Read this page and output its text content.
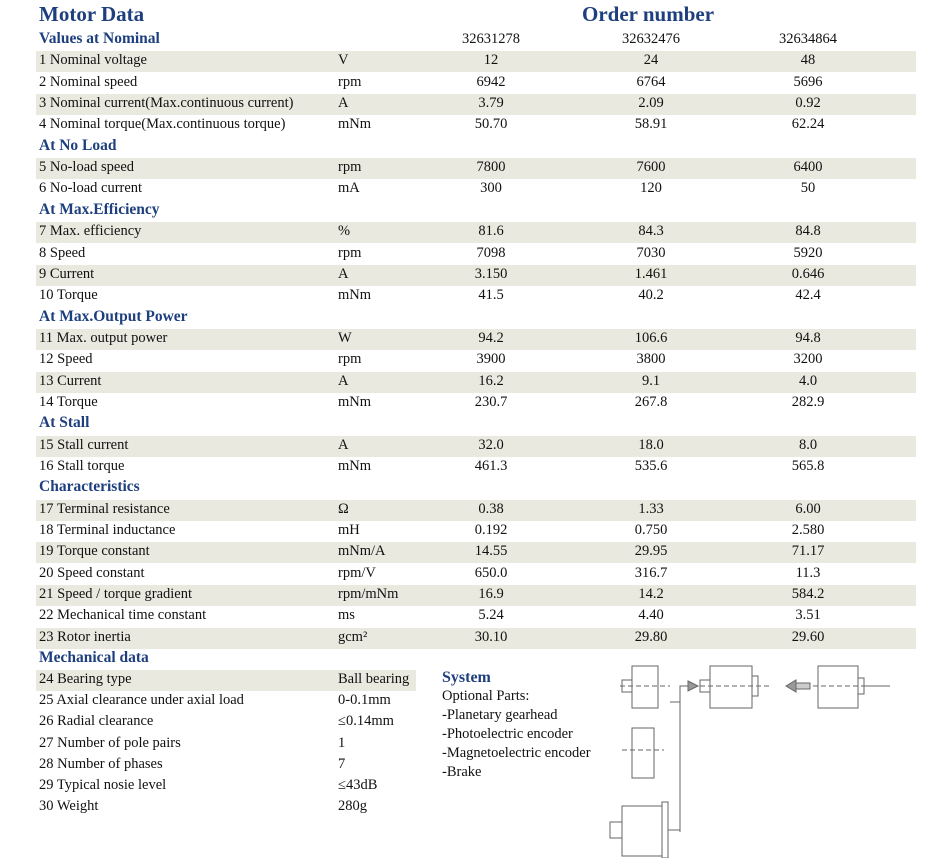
Motor Data	Order number
Values at Nominal	32631278	32632476	32634864
1 Nominal voltage	V	12	24	48
2 Nominal speed	rpm	6942	6764	5696
3 Nominal current(Max.continuous current)	A	3.79	2.09	0.92
4 Nominal torque(Max.continuous torque)	mNm	50.70	58.91	62.24
At No Load
5 No-load speed	rpm	7800	7600	6400
6 No-load current	mA	300	120	50
At Max.Efficiency
7 Max. efficiency	%	81.6	84.3	84.8
8 Speed	rpm	7098	7030	5920
9 Current	A	3.150	1.461	0.646
10 Torque	mNm	41.5	40.2	42.4
At Max.Output Power
11 Max. output power	W	94.2	106.6	94.8
12 Speed	rpm	3900	3800	3200
13 Current	A	16.2	9.1	4.0
14 Torque	mNm	230.7	267.8	282.9
At Stall
15 Stall current	A	32.0	18.0	8.0
16 Stall torque	mNm	461.3	535.6	565.8
Characteristics
17 Terminal resistance	Ω	0.38	1.33	6.00
18 Terminal inductance	mH	0.192	0.750	2.580
19 Torque constant	mNm/A	14.55	29.95	71.17
20 Speed constant	rpm/V	650.0	316.7	11.3
21 Speed / torque gradient	rpm/mNm	16.9	14.2	584.2
22 Mechanical time constant	ms	5.24	4.40	3.51
23 Rotor inertia	gcm²	30.10	29.80	29.60
Mechanical data
24 Bearing type	Ball bearing
25 Axial clearance under axial load	0-0.1mm
26 Radial clearance	≤0.14mm
27 Number of pole pairs	1
28 Number of phases	7
29 Typical nosie level	≤43dB
30 Weight	280g
System
Optional Parts:
-Planetary gearhead
-Photoelectric encoder
-Magnetoelectric encoder
-Brake
